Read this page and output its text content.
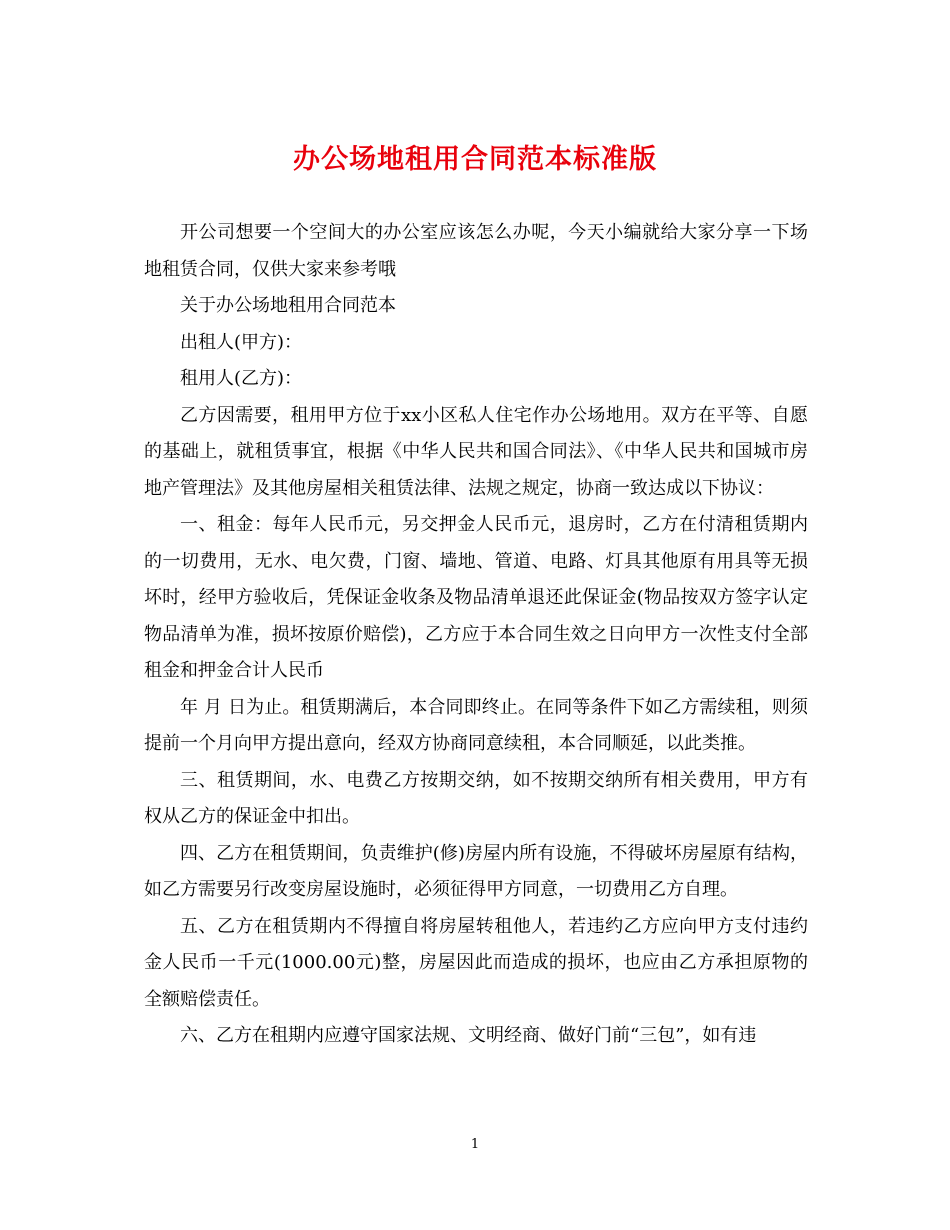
办公场地租用合同范本标准版

开公司想要一个空间大的办公室应该怎么办呢，今天小编就给大家分享一下场地租赁合同，仅供大家来参考哦

关于办公场地租用合同范本

出租人(甲方)：

租用人(乙方)：

乙方因需要，租用甲方位于xx小区私人住宅作办公场地用。双方在平等、自愿的基础上，就租赁事宜，根据《中华人民共和国合同法》、《中华人民共和国城市房地产管理法》及其他房屋相关租赁法律、法规之规定，协商一致达成以下协议：

一、租金：每年人民币元，另交押金人民币元，退房时，乙方在付清租赁期内的一切费用，无水、电欠费，门窗、墙地、管道、电路、灯具其他原有用具等无损坏时，经甲方验收后，凭保证金收条及物品清单退还此保证金(物品按双方签字认定物品清单为准，损坏按原价赔偿)，乙方应于本合同生效之日向甲方一次性支付全部租金和押金合计人民币

年 月 日为止。租赁期满后，本合同即终止。在同等条件下如乙方需续租，则须提前一个月向甲方提出意向，经双方协商同意续租，本合同顺延，以此类推。

三、租赁期间，水、电费乙方按期交纳，如不按期交纳所有相关费用，甲方有权从乙方的保证金中扣出。

四、乙方在租赁期间，负责维护(修)房屋内所有设施，不得破坏房屋原有结构，如乙方需要另行改变房屋设施时，必须征得甲方同意，一切费用乙方自理。

五、乙方在租赁期内不得擅自将房屋转租他人，若违约乙方应向甲方支付违约金人民币一千元(1000.00元)整，房屋因此而造成的损坏，也应由乙方承担原物的全额赔偿责任。

六、乙方在租期内应遵守国家法规、文明经商、做好门前“三包”，如有违

1
